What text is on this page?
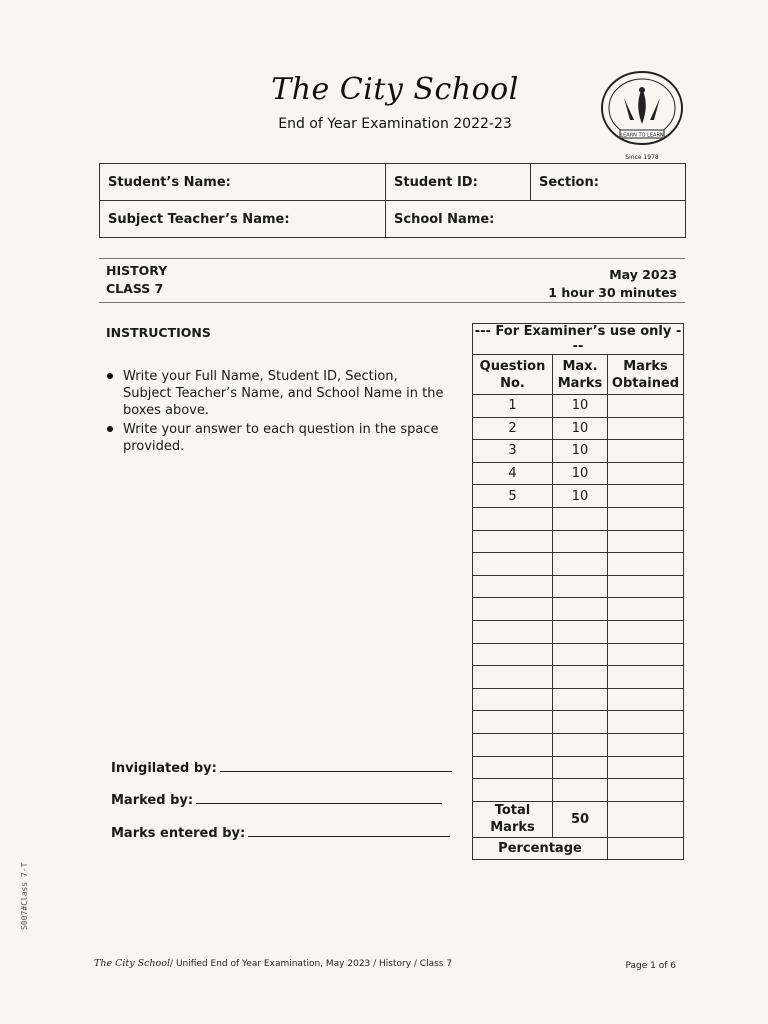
The City School
End of Year Examination 2022-23
LEARN TO LEARN
Since 1978
Student’s Name:	Student ID:	Section:
Subject Teacher’s Name:	School Name:	
HISTORY
CLASS 7
May 2023
1 hour 30 minutes
INSTRUCTIONS
Write your Full Name, Student ID, Section, Subject Teacher’s Name, and School Name in the boxes above.
Write your answer to each question in the space provided.
--- For Examiner’s use only ---		
Question No.	Max. Marks	Marks Obtained
1	10	
2	10	
3	10	
4	10	
5	10	

Total Marks	50	
Percentage		
Invigilated by:
Marked by:
Marks entered by:
S007#Class 7-T
The City School/ Unified End of Year Examination, May 2023 / History / Class 7	Page 1 of 6
